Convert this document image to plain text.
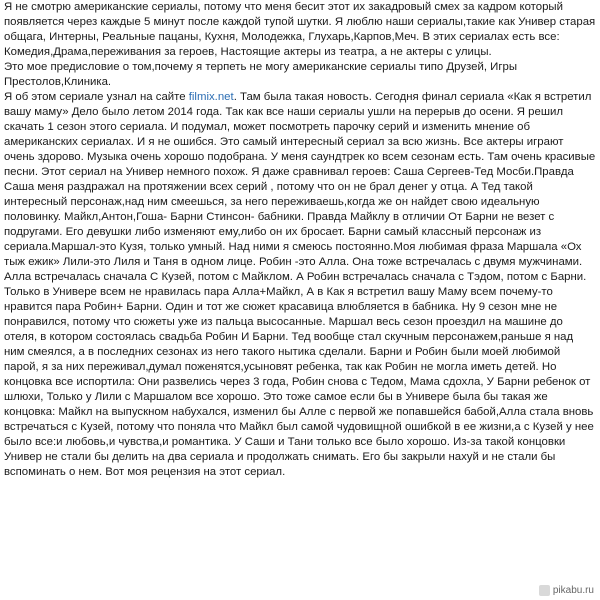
Я не смотрю американские сериалы, потому что меня бесит этот их закадровый смех за кадром который появляется через каждые 5 минут после каждой тупой шутки. Я люблю наши сериалы,такие как Универ старая общага, Интерны, Реальные пацаны, Кухня, Молодежка, Глухарь,Карпов,Меч. В этих сериалах есть все: Комедия,Драма,переживания за героев, Настоящие актеры из театра, а не актеры с улицы.

Это мое предисловие о том,почему я терпеть не могу американские сериалы типо Друзей, Игры Престолов,Клиника.

Я об этом сериале узнал на сайте filmix.net. Там была такая новость. Сегодня финал сериала «Как я встретил вашу маму» Дело было летом 2014 года. Так как все наши сериалы ушли на перерыв до осени. Я решил скачать 1 сезон этого сериала. И подумал, может посмотреть парочку серий и изменить мнение об американских сериалах. И я не ошибся. Это самый интересный сериал за всю жизнь. Все актеры играют очень здорово. Музыка очень хорошо подобрана. У меня саундтрек ко всем сезонам есть. Там очень красивые песни. Этот сериал на Универ немного похож. Я даже сравнивал героев: Саша Сергеев-Тед Мосби.Правда Саша меня раздражал на протяжении всех серий , потому что он не брал денег у отца. А Тед такой интересный персонаж,над ним смеешься, за него переживаешь,когда же он найдет свою идеальную половинку. Майкл,Антон,Гоша- Барни Стинсон- бабники. Правда Майклу в отличии От Барни не везет с подругами. Его девушки либо изменяют ему,либо он их бросает. Барни самый классный персонаж из сериала.Маршал-это Кузя, только умный. Над ними я смеюсь постоянно.Моя любимая фраза Маршала «Ох тыж ежик» Лили-это Лиля и Таня в одном лице. Робин -это Алла. Она тоже встречалась с двумя мужчинами. Алла встречалась сначала С Кузей, потом с Майклом. А Робин встречалась сначала с Тэдом, потом с Барни. Только в Универе всем не нравилась пара Алла+Майкл, А в Как я встретил вашу Маму всем почему-то нравится пара Робин+ Барни. Один и тот же сюжет красавица влюбляется в бабника. Ну 9 сезон мне не понравился, потому что сюжеты уже из пальца высосанные. Маршал весь сезон проездил на машине до отеля, в котором состоялась свадьба Робин И Барни. Тед вообще стал скучным персонажем,раньше я над ним смеялся, а в последних сезонах из него такого нытика сделали. Барни и Робин были моей любимой парой, я за них переживал,думал поженятся,усыновят ребенка, так как Робин не могла иметь детей. Но концовка все испортила: Они развелись через 3 года, Робин снова с Тедом, Мама сдохла, У Барни ребенок от шлюхи, Только у Лили с Маршалом все хорошо. Это тоже самое если бы в Универе была бы такая же концовка: Майкл на выпускном набухался, изменил бы Алле с первой же попавшейся бабой,Алла стала вновь встречаться с Кузей, потому что поняла что Майкл был самой чудовищной ошибкой в ее жизни,а с Кузей у нее было все:и любовь,и чувства,и романтика. У Саши и Тани только все было хорошо. Из-за такой концовки Универ не стали бы делить на два сериала и продолжать снимать. Его бы закрыли нахуй и не стали бы вспоминать о нем. Вот моя рецензия на этот сериал.

pikabu.ru
